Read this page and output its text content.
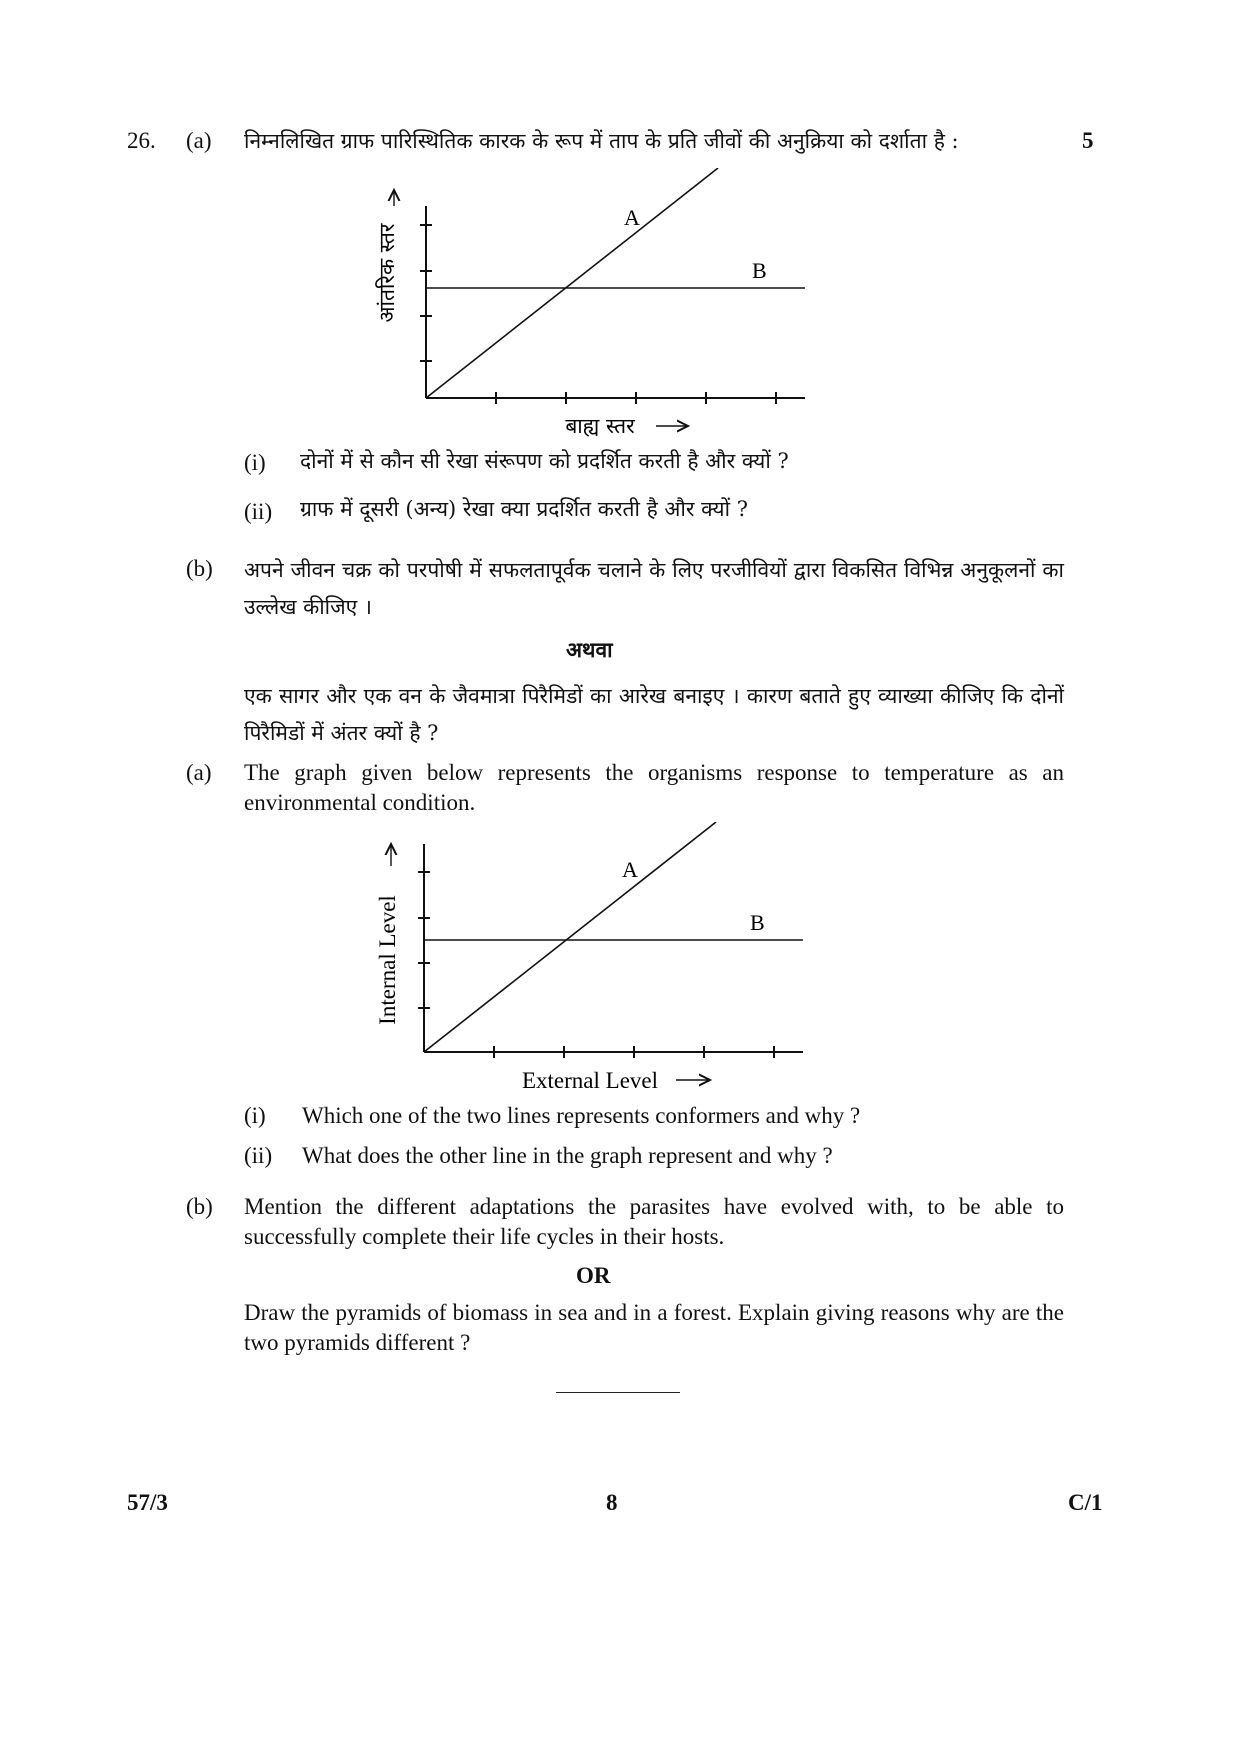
26. (a) निम्नलिखित ग्राफ पारिस्थितिक कारक के रूप में ताप के प्रति जीवों की अनुक्रिया को दर्शाता है :	5
A
B
आंतरिक स्तर
बाह्य स्तर
(i) दोनों में से कौन सी रेखा संरूपण को प्रदर्शित करती है और क्यों ?
(ii) ग्राफ में दूसरी (अन्य) रेखा क्या प्रदर्शित करती है और क्यों ?
(b) अपने जीवन चक्र को परपोषी में सफलतापूर्वक चलाने के लिए परजीवियों द्वारा विकसित विभिन्न अनुकूलनों का उल्लेख कीजिए ।
अथवा
एक सागर और एक वन के जैवमात्रा पिरैमिडों का आरेख बनाइए । कारण बताते हुए व्याख्या कीजिए कि दोनों पिरैमिडों में अंतर क्यों है ?
(a) The graph given below represents the organisms response to temperature as an environmental condition.
A
B
Internal Level
External Level
(i) Which one of the two lines represents conformers and why ?
(ii) What does the other line in the graph represent and why ?
(b) Mention the different adaptations the parasites have evolved with, to be able to successfully complete their life cycles in their hosts.
OR
Draw the pyramids of biomass in sea and in a forest. Explain giving reasons why are the two pyramids different ?
57/3	8	C/1
